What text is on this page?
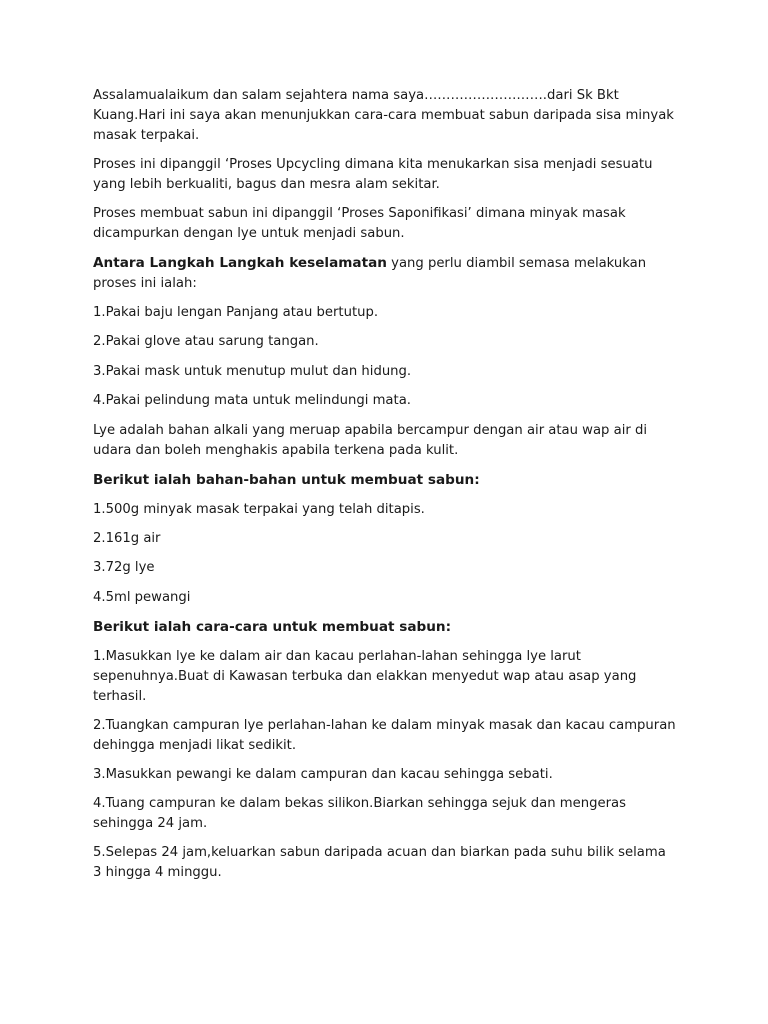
Assalamualaikum dan salam sejahtera nama saya……………………….dari Sk Bkt Kuang.Hari ini saya akan menunjukkan cara-cara membuat sabun daripada sisa minyak masak terpakai.

Proses ini dipanggil ‘Proses Upcycling dimana kita menukarkan sisa menjadi sesuatu yang lebih berkualiti, bagus dan mesra alam sekitar.

Proses membuat sabun ini dipanggil ‘Proses Saponifikasi’ dimana minyak masak dicampurkan dengan lye untuk menjadi sabun.

Antara Langkah Langkah keselamatan yang perlu diambil semasa melakukan proses ini ialah:

1.Pakai baju lengan Panjang atau bertutup.

2.Pakai glove atau sarung tangan.

3.Pakai mask untuk menutup mulut dan hidung.

4.Pakai pelindung mata untuk melindungi mata.

Lye adalah bahan alkali yang meruap apabila bercampur dengan air atau wap air di udara dan boleh menghakis apabila terkena pada kulit.

Berikut ialah bahan-bahan untuk membuat sabun:

1.500g minyak masak terpakai yang telah ditapis.

2.161g air

3.72g lye

4.5ml pewangi

Berikut ialah cara-cara untuk membuat sabun:

1.Masukkan lye ke dalam air dan kacau perlahan-lahan sehingga lye larut sepenuhnya.Buat di Kawasan terbuka dan elakkan menyedut wap atau asap yang terhasil.

2.Tuangkan campuran lye perlahan-lahan ke dalam minyak masak dan kacau campuran dehingga menjadi likat sedikit.

3.Masukkan pewangi ke dalam campuran dan kacau sehingga sebati.

4.Tuang campuran ke dalam bekas silikon.Biarkan sehingga sejuk dan mengeras sehingga 24 jam.

5.Selepas 24 jam,keluarkan sabun daripada acuan dan biarkan pada suhu bilik selama 3 hingga 4 minggu.
